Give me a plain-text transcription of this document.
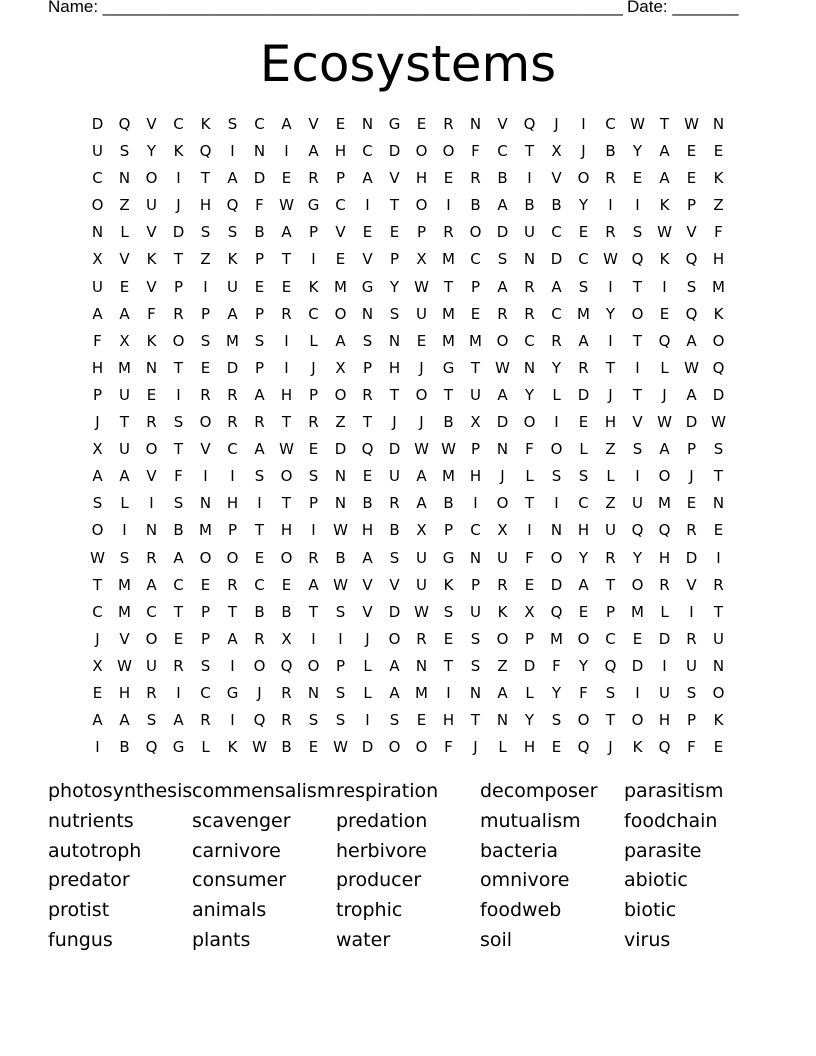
Name: _______________________________________________________ Date: _______
Ecosystems
D	Q	V	C	K	S	C	A	V	E	N	G	E	R	N	V	Q	J	I	C W T	W N
U	S	Y	K	Q	I	N	I	A	H	C	D	O	O	F	C	T	X	J	B	Y	A	E	E
C	N	O	I	T	A	D	E	R	P	A	V	H	E	R	B	I	V	O	R	E	A	E	K
O	Z	U	J	H	Q	F	W G	C	I	T	O	I	B	A	B	B	Y	I	I	K	P	Z
N	L	V	D	S	S	B	A	P	V	E	E	P	R	O	D	U	C	E	R	S W V	F
X	V	K	T	Z	K	P	T	I	E	V	P	X	M	C	S	N	D	C W Q	K	Q	H
U	E	V	P	I	U	E	E	K	M G	Y	W T	P	A	R	A	S	I	T	I	S	M
A	A	F	R	P	A	P	R	C	O	N	S	U	M	E	R	R	C	M	Y	O	E	Q	K
F	X	K	O	S	M	S	I	L	A	S	N	E	M M O	C	R	A	I	T	Q	A	O
H M N	T	E	D	P	I	J	X	P	H	J	G	T	W N	Y	R	T	I	L	W Q
P	U	E	I	R	R	A	H	P	O	R	T	O	T	U	A	Y	L	D	J	T	J	A	D
J	T	R	S	O	R	R	T	R	Z	T	J	J	B	X	D	O	I	E	H	V W D W
X	U	O	T	V	C	A W E	D	Q	D W W	P	N	F	O	L	Z	S	A	P	S
A	A	V	F	I	I	S	O	S	N	E	U	A	M H	J	L	S	S	L	I	O	J	T
S	L	I	S	N	H	I	T	P	N	B	R	A	B	I	O	T	I	C	Z	U	M	E	N
O	I	N	B	M	P	T	H	I	W H	B	X	P	C	X	I	N	H	U	Q	Q	R	E
W S	R	A	O	O	E	O	R	B	A	S	U	G	N	U	F	O	Y	R	Y	H	D	I
T	M	A	C	E	R	C	E	A W V	V	U	K	P	R	E	D	A	T	O	R	V	R
C	M	C	T	P	T	B	B	T	S	V	D W S	U	K	X	Q	E	P	M	L	I	T
J	V	O	E	P	A	R	X	I	I	J	O	R	E	S	O	P	M O	C	E	D	R	U
X W U	R	S	I	O	Q	O	P	L	A	N	T	S	Z	D	F	Y	Q	D	I	U	N
E	H	R	I	C	G	J	R	N	S	L	A	M	I	N	A	L	Y	F	S	I	U	S	O
A	A	S	A	R	I	Q	R	S	S	I	S	E	H	T	N	Y	S	O	T	O	H	P	K
I	B	Q	G	L	K W B	E W D	O	O	F	J	L	H	E	Q	J	K	Q	F	E
photosynthesis commensalism respiration	decomposer	parasitism
nutrients	scavenger	predation	mutualism	foodchain
autotroph	carnivore	herbivore	bacteria	parasite
predator	consumer	producer	omnivore	abiotic
protist	animals	trophic	foodweb	biotic
fungus	plants	water	soil	virus
